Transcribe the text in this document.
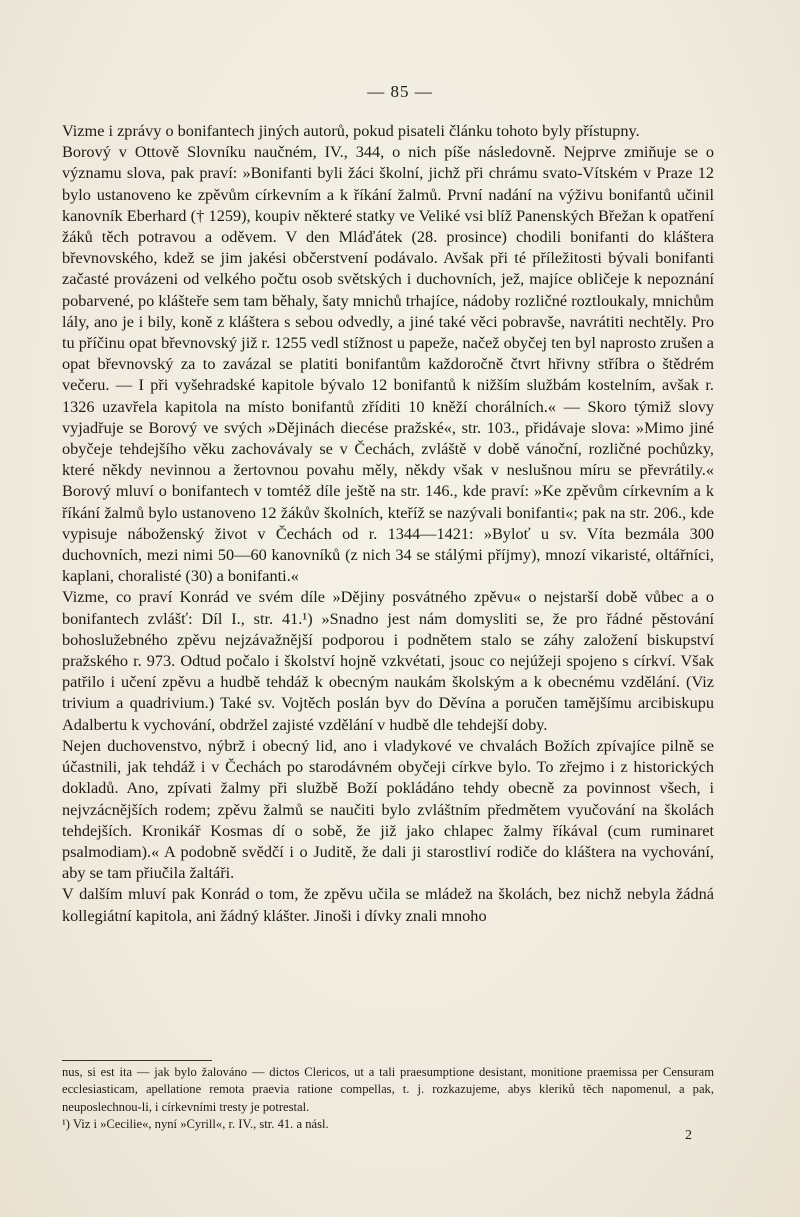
— 85 —

Vizme i zprávy o bonifantech jiných autorů, pokud pisateli článku tohoto byly přístupny.

Borový v Ottově Slovníku naučném, IV., 344, o nich píše následovně. Nejprve zmiňuje se o významu slova, pak praví: »Bonifanti byli žáci školní, jichž při chrámu svato-Vítském v Praze 12 bylo ustanoveno ke zpěvům církevním a k říkání žalmů. První nadání na výživu bonifantů učinil kanovník Eberhard († 1259), koupiv některé statky ve Veliké vsi blíž Panenských Břežan k opatření žáků těch potravou a oděvem. V den Mláďátek (28. prosince) chodili bonifanti do kláštera břevnovského, kdež se jim jakési občerstvení podávalo. Avšak při té příležitosti bývali bonifanti začasté provázeni od velkého počtu osob světských i duchovních, jež, majíce obličeje k nepoznání pobarvené, po klášteře sem tam běhaly, šaty mnichů trhajíce, nádoby rozličné roztloukaly, mnichům lály, ano je i bily, koně z kláštera s sebou odvedly, a jiné také věci pobravše, navrátiti nechtěly. Pro tu příčinu opat břevnovský již r. 1255 vedl stížnost u papeže, načež obyčej ten byl naprosto zrušen a opat břevnovský za to zavázal se platiti bonifantům každoročně čtvrt hřivny stříbra o štědrém večeru. — I při vyšehradské kapitole bývalo 12 bonifantů k nižším službám kostelním, avšak r. 1326 uzavřela kapitola na místo bonifantů zříditi 10 kněží chorálních.« — Skoro týmiž slovy vyjadřuje se Borový ve svých »Dějinách diecése pražské«, str. 103., přidávaje slova: »Mimo jiné obyčeje tehdejšího věku zachovávaly se v Čechách, zvláště v době vánoční, rozličné pochůzky, které někdy nevinnou a žertovnou povahu měly, někdy však v neslušnou míru se převrátily.« Borový mluví o bonifantech v tomtéž díle ještě na str. 146., kde praví: »Ke zpěvům církevním a k říkání žalmů bylo ustanoveno 12 žákův školních, kteříž se nazývali bonifanti«; pak na str. 206., kde vypisuje náboženský život v Čechách od r. 1344—1421: »Byloť u sv. Víta bezmála 300 duchovních, mezi nimi 50—60 kanovníků (z nich 34 se stálými příjmy), mnozí vikaristé, oltářníci, kaplani, choralisté (30) a bonifanti.«

Vizme, co praví Konrád ve svém díle »Dějiny posvátného zpěvu« o nejstarší době vůbec a o bonifantech zvlášť: Díl I., str. 41.¹) »Snadno jest nám domysliti se, že pro řádné pěstování bohoslužebného zpěvu nejzávažnější podporou i podnětem stalo se záhy založení biskupství pražského r. 973. Odtud počalo i školství hojně vzkvétati, jsouc co nejúžeji spojeno s církví. Však patřilo i učení zpěvu a hudbě tehdáž k obecným naukám školským a k obecnému vzdělání. (Viz trivium a quadrivium.) Také sv. Vojtěch poslán byv do Děvína a poručen tamějšímu arcibiskupu Adalbertu k vychování, obdržel zajisté vzdělání v hudbě dle tehdejší doby.

Nejen duchovenstvo, nýbrž i obecný lid, ano i vladykové ve chvalách Božích zpívajíce pilně se účastnili, jak tehdáž i v Čechách po starodávném obyčeji církve bylo. To zřejmo i z historických dokladů. Ano, zpívati žalmy při službě Boží pokládáno tehdy obecně za povinnost všech, i nejvzácnějších rodem; zpěvu žalmů se naučiti bylo zvláštním předmětem vyučování na školách tehdejších. Kronikář Kosmas dí o sobě, že již jako chlapec žalmy říkával (cum ruminaret psalmodiam).« A podobně svědčí i o Juditě, že dali ji starostliví rodiče do kláštera na vychování, aby se tam přiučila žaltáři.

V dalším mluví pak Konrád o tom, že zpěvu učila se mládež na školách, bez nichž nebyla žádná kollegiátní kapitola, ani žádný klášter. Jinoši i dívky znali mnoho

nus, si est ita — jak bylo žalováno — dictos Clericos, ut a tali praesumptione desistant, monitione praemissa per Censuram ecclesiasticam, apellatione remota praevia ratione compellas, t. j. rozkazujeme, abys kleriků těch napomenul, a pak, neuposlechnou-li, i církevními tresty je potrestal.

¹) Viz i »Cecilie«, nyní »Cyrill«, r. IV., str. 41. a násl.

2
